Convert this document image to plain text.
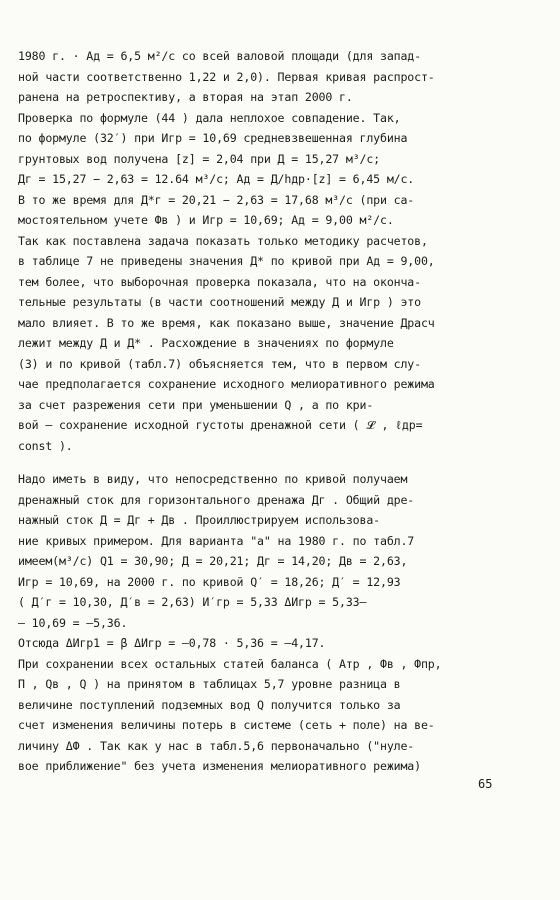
1980 г. · Aд = 6,5 м²/с со всей валовой площади (для запад-
ной части соответственно 1,22 и 2,0). Первая кривая распрост-
ранена на ретроспективу, а вторая на этап 2000 г.
Проверка по формуле (44 ) дала неплохое совпадение. Так,
по формуле (32′) при Игр = 10,69 средневзвешенная глубина
грунтовых вод получена [z] = 2,04 при Д = 15,27 м³/с;
Дг = 15,27 − 2,63 = 12.64 м³/с; Aд = Д/hдр·[z] = 6,45 м/с.
В то же время для Д*г = 20,21 − 2,63 = 17,68 м³/с (при са-
мостоятельном учете Фв ) и Игр = 10,69; Aд = 9,00 м²/с.
Так как поставлена задача показать только методику расчетов,
в таблице 7 не приведены значения Д* по кривой при Aд = 9,00,
тем более, что выборочная проверка показала, что на оконча-
тельные результаты (в части соотношений между Д и Игр ) это
мало влияет. В то же время, как показано выше, значение Драсч
лежит между Д и Д* . Расхождение в значениях по формуле
(3) и по кривой (табл.7) объясняется тем, что в первом слу-
чае предполагается сохранение исходного мелиоративного режима
за счет разрежения сети при уменьшении Q , а по кри-
вой – сохранение исходной густоты дренажной сети ( 𝓛 , ℓдр=
const ).
Надо иметь в виду, что непосредственно по кривой получаем
дренажный сток для горизонтального дренажа Дг . Общий дре-
нажный сток Д = Дг + Дв . Проиллюстрируем использова-
ние кривых примером. Для варианта "а" на 1980 г. по табл.7
имеем(м³/с) Q1 = 30,90; Д = 20,21; Дг = 14,20; Дв = 2,63,
Игр = 10,69, на 2000 г. по кривой Q′ = 18,26; Д′ = 12,93
( Д′г = 10,30, Д′в = 2,63) И′гр = 5,33 ΔИгр = 5,33–
– 10,69 = –5,36.
Отсюда ΔИгр1 = β ΔИгр = –0,78 · 5,36 = –4,17.
При сохранении всех остальных статей баланса ( Aтр , Фв , Фпр,
П , Qв , Q ) на принятом в таблицах 5,7 уровне разница в
величине поступлений подземных вод Q получится только за
счет изменения величины потерь в системе (сеть + поле) на ве-
личину ΔФ . Так как у нас в табл.5,6 первоначально ("нуле-
вое приближение" без учета изменения мелиоративного режима)
65
